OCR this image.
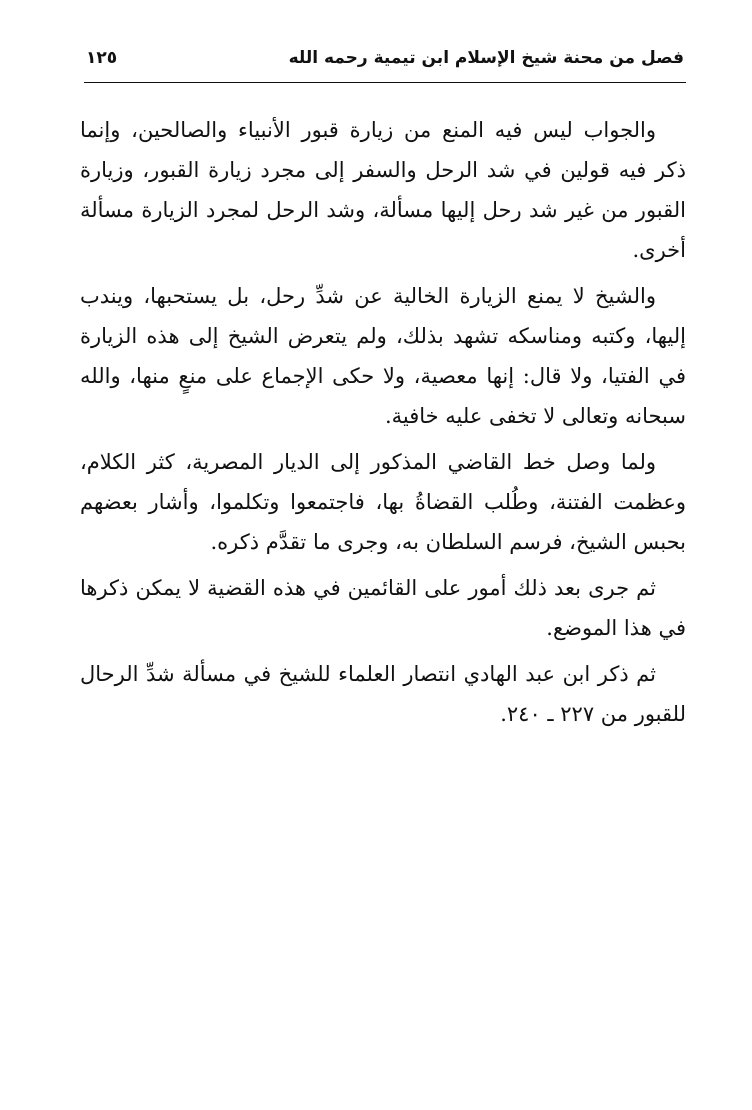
فصل من محنة شيخ الإسلام ابن تيمية رحمه الله
١٢٥

والجواب ليس فيه المنع من زيارة قبور الأنبياء والصالحين، وإنما ذكر فيه قولين في شد الرحل والسفر إلى مجرد زيارة القبور، وزيارة القبور من غير شد رحل إليها مسألة، وشد الرحل لمجرد الزيارة مسألة أخرى.

والشيخ لا يمنع الزيارة الخالية عن شدِّ رحل، بل يستحبها، ويندب إليها، وكتبه ومناسكه تشهد بذلك، ولم يتعرض الشيخ إلى هذه الزيارة في الفتيا، ولا قال: إنها معصية، ولا حكى الإجماع على منعٍ منها، والله سبحانه وتعالى لا تخفى عليه خافية.

ولما وصل خط القاضي المذكور إلى الديار المصرية، كثر الكلام، وعظمت الفتنة، وطُلب القضاةُ بها، فاجتمعوا وتكلموا، وأشار بعضهم بحبس الشيخ، فرسم السلطان به، وجرى ما تقدَّم ذكره.

ثم جرى بعد ذلك أمور على القائمين في هذه القضية لا يمكن ذكرها في هذا الموضع.

ثم ذكر ابن عبد الهادي انتصار العلماء للشيخ في مسألة شدِّ الرحال للقبور من ٢٢٧ ـ ٢٤٠.
